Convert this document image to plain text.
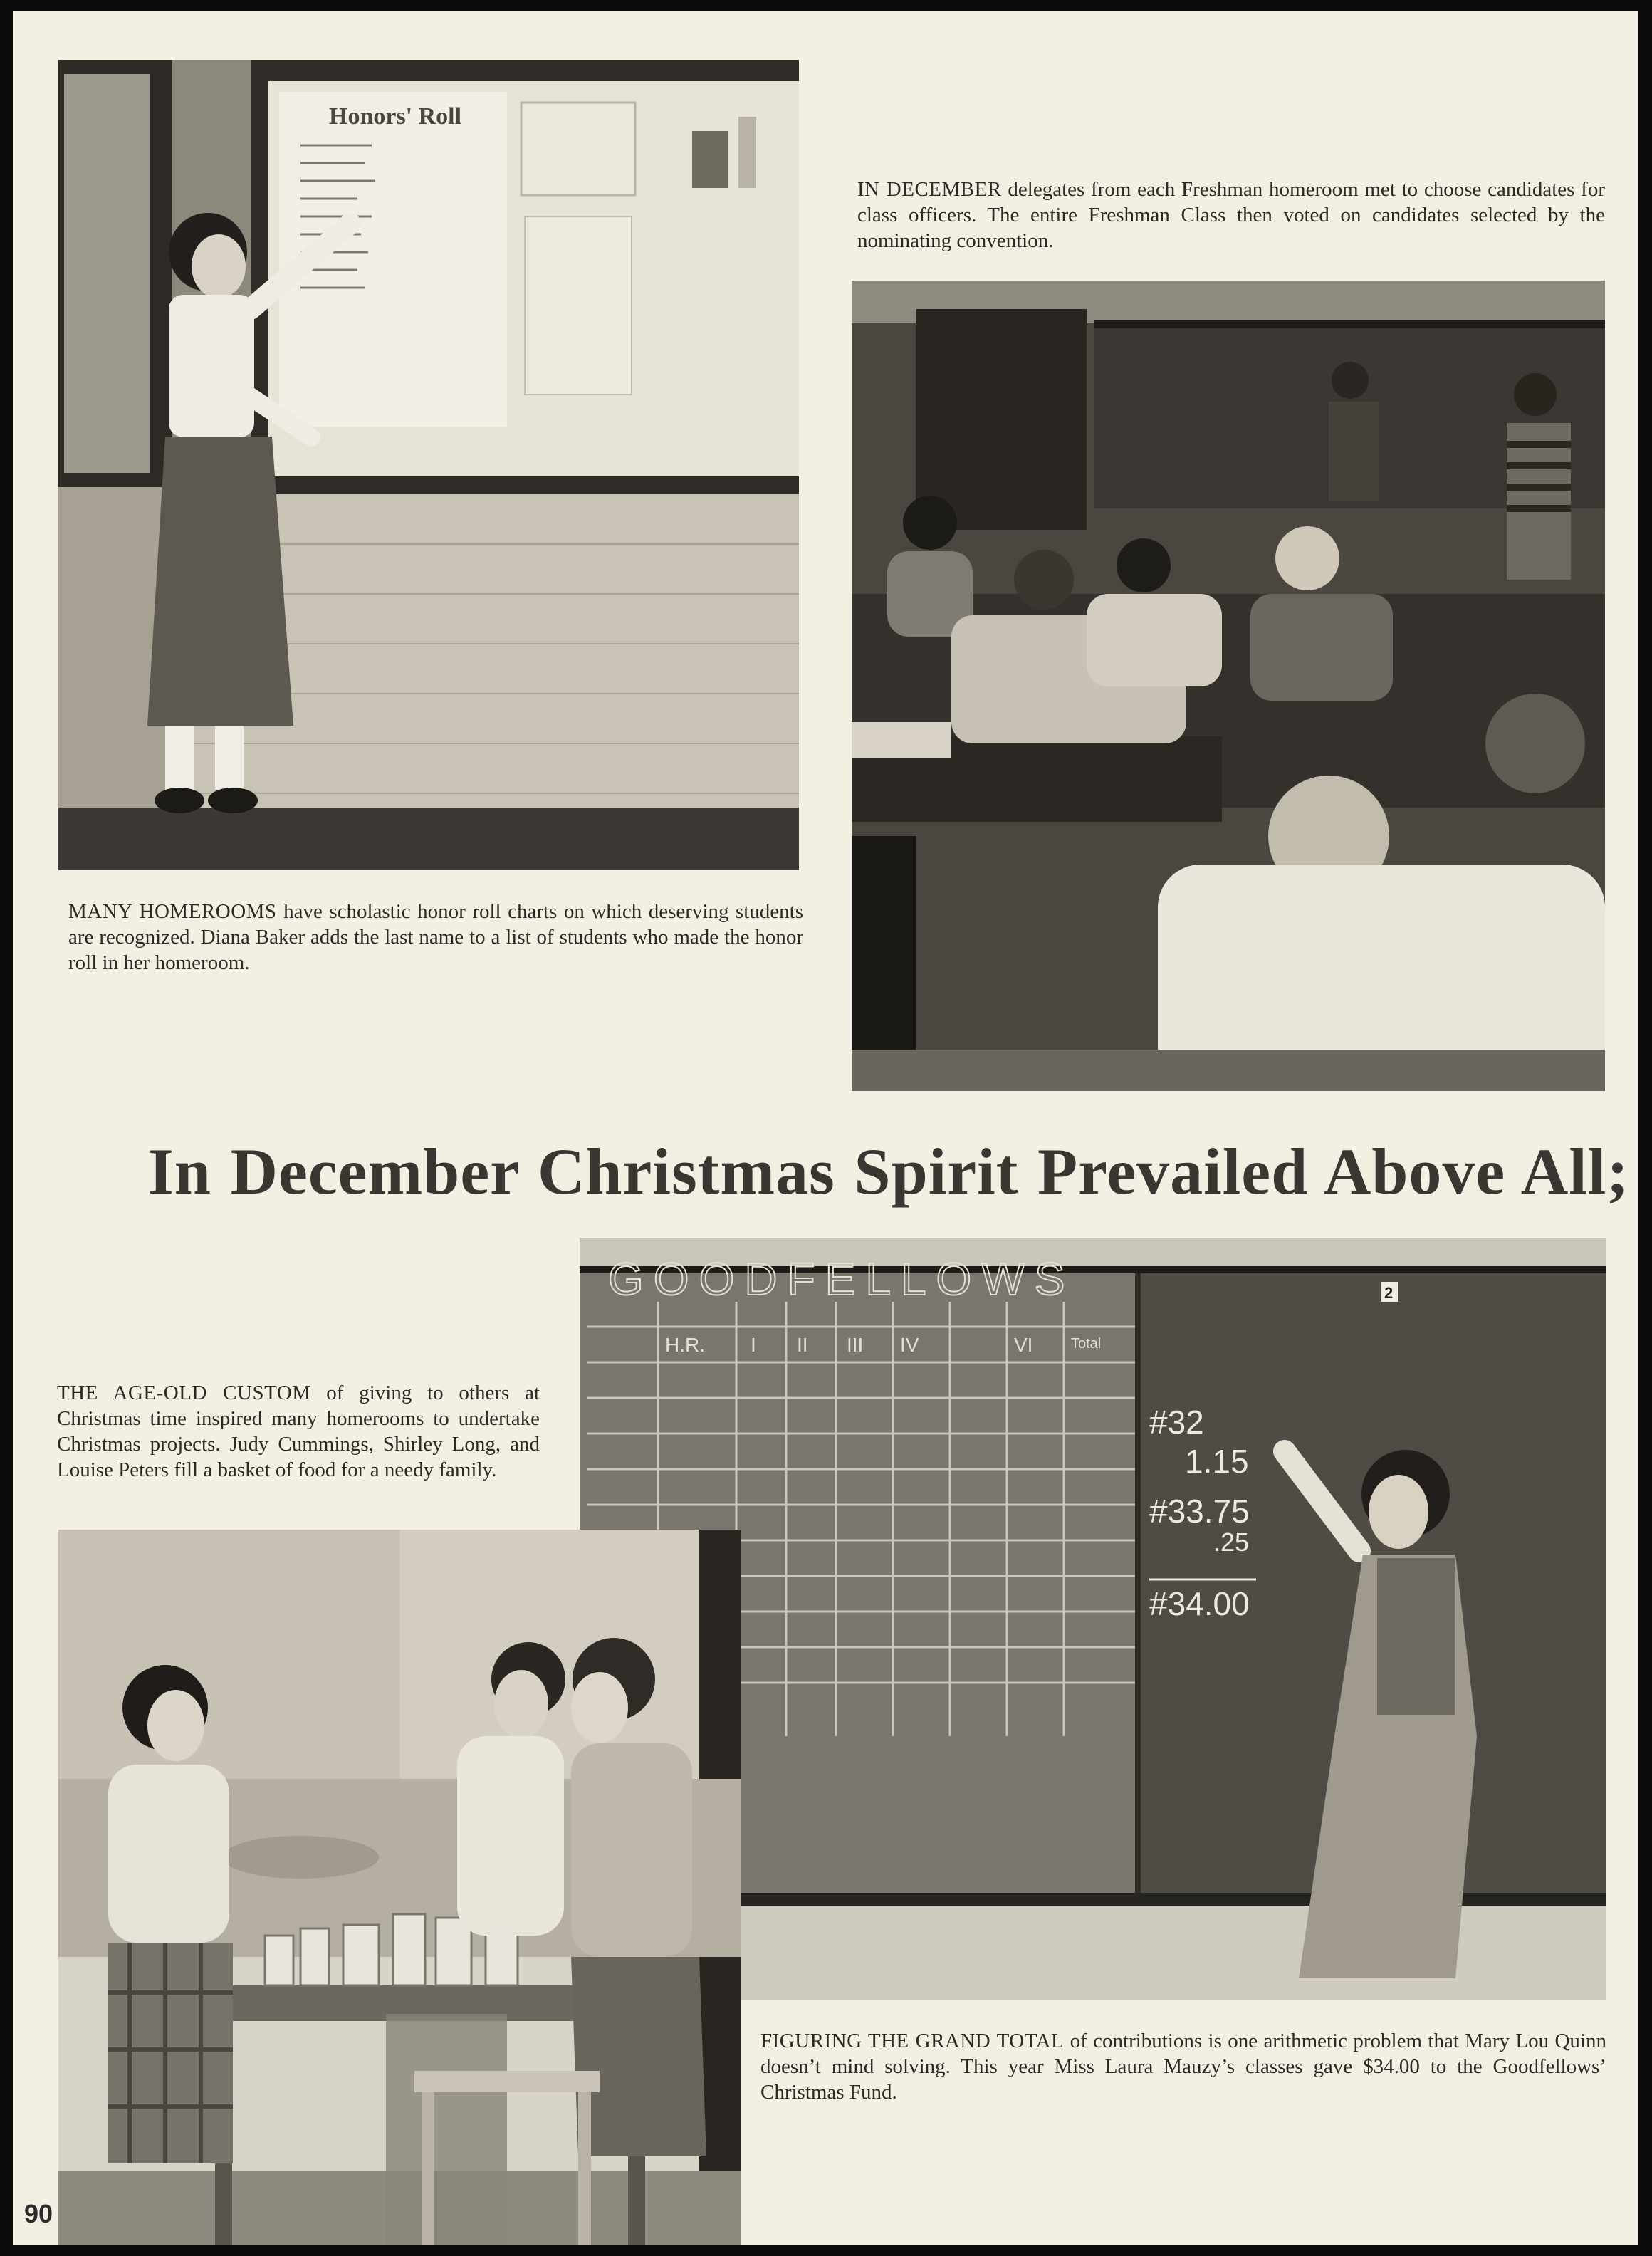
Honors' Roll

MANY HOMEROOMS have scholastic honor roll charts on which deserving students are recognized. Diana Baker adds the last name to a list of students who made the honor roll in her homeroom.

IN DECEMBER delegates from each Freshman homeroom met to choose candidates for class officers. The entire Freshman Class then voted on candidates selected by the nominating convention.

In December Christmas Spirit Prevailed Above All;

THE AGE-OLD CUSTOM of giving to others at Christmas time inspired many homerooms to undertake Christmas projects. Judy Cummings, Shirley Long, and Louise Peters fill a basket of food for a needy family.

GOODFELLOWS
H.R. I II III IV	VI	Total
#32
1.15
#33.75
.25
#34.00
2

FIGURING THE GRAND TOTAL of contributions is one arithmetic problem that Mary Lou Quinn doesn’t mind solving. This year Miss Laura Mauzy’s classes gave $34.00 to the Goodfellows’ Christmas Fund.

90
